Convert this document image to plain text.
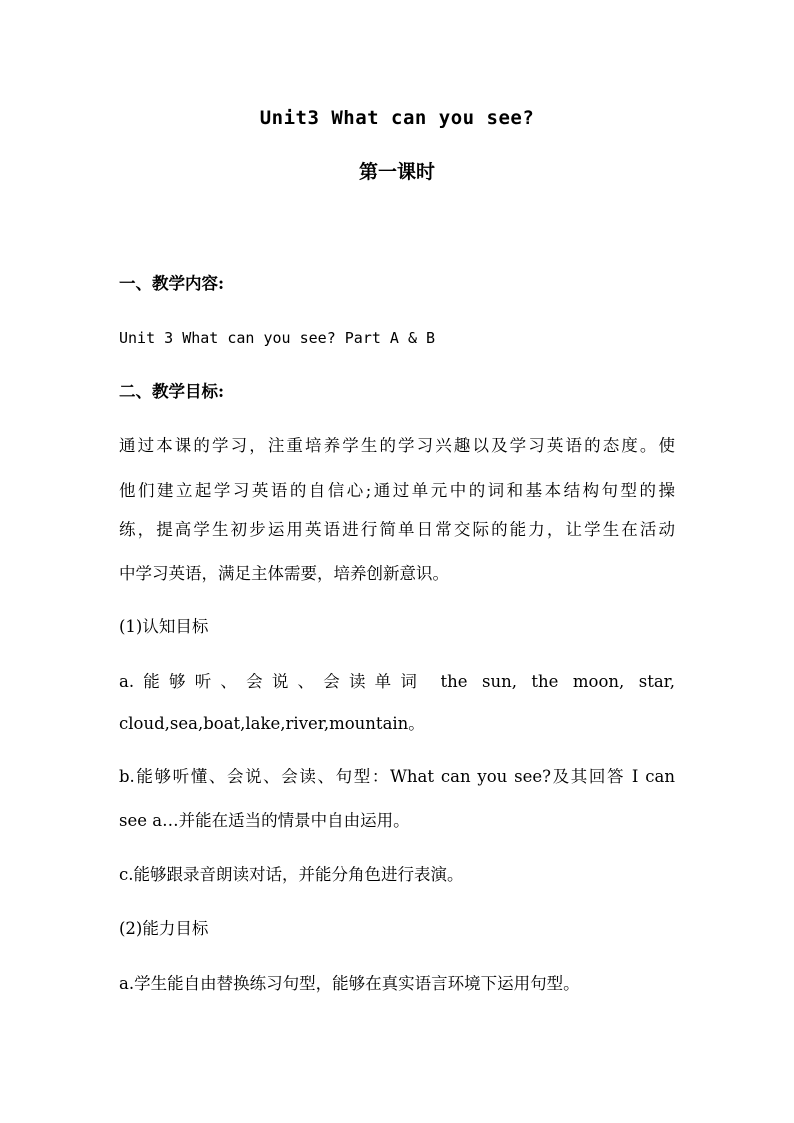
Unit3 What can you see?
第一课时
一、教学内容:
Unit 3 What can you see? Part A & B
二、教学目标:
通过本课的学习，注重培养学生的学习兴趣以及学习英语的态度。使
他们建立起学习英语的自信心;通过单元中的词和基本结构句型的操
练，提高学生初步运用英语进行简单日常交际的能力，让学生在活动
中学习英语，满足主体需要，培养创新意识。
(1)认知目标
a.能够听、会说、会读单词 the sun, the moon, star,
cloud,sea,boat,lake,river,mountain。
b.能够听懂、会说、会读、句型：What can you see?及其回答 I can
see a…并能在适当的情景中自由运用。
c.能够跟录音朗读对话，并能分角色进行表演。
(2)能力目标
a.学生能自由替换练习句型，能够在真实语言环境下运用句型。
